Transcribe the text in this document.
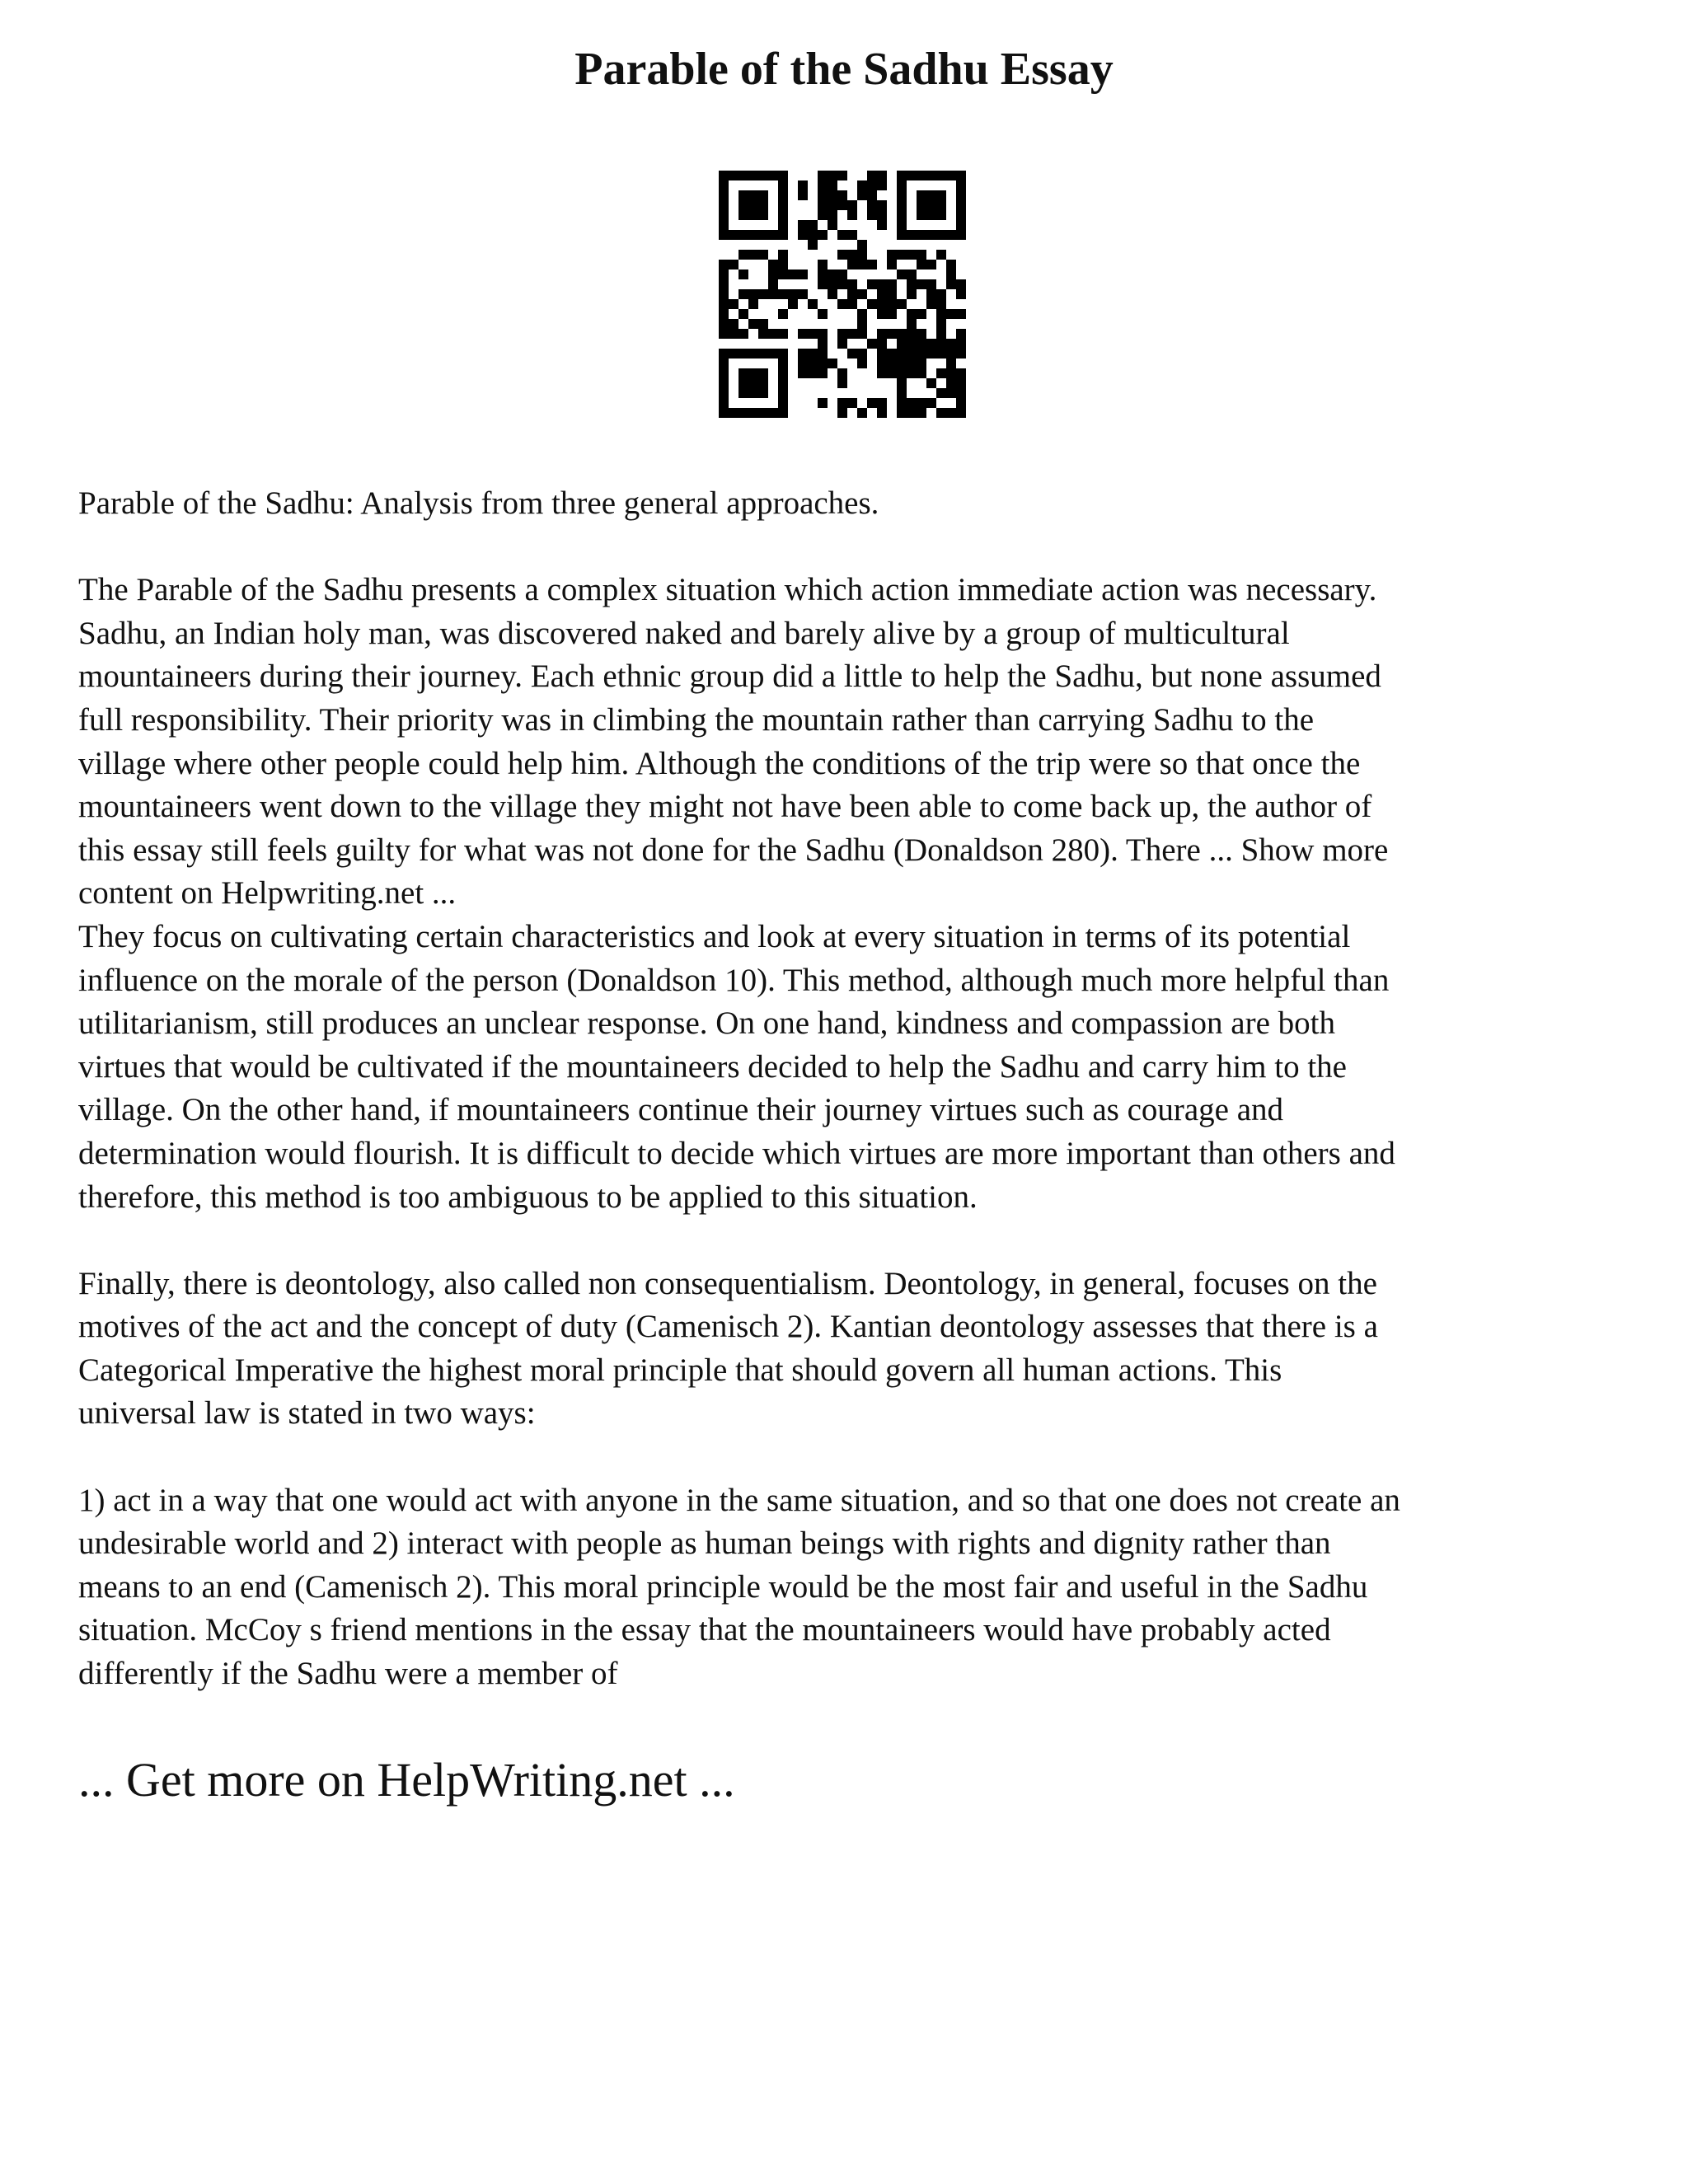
Parable of the Sadhu Essay

Parable of the Sadhu: Analysis from three general approaches.

The Parable of the Sadhu presents a complex situation which action immediate action was necessary.
Sadhu, an Indian holy man, was discovered naked and barely alive by a group of multicultural
mountaineers during their journey. Each ethnic group did a little to help the Sadhu, but none assumed
full responsibility. Their priority was in climbing the mountain rather than carrying Sadhu to the
village where other people could help him. Although the conditions of the trip were so that once the
mountaineers went down to the village they might not have been able to come back up, the author of
this essay still feels guilty for what was not done for the Sadhu (Donaldson 280). There ... Show more
content on Helpwriting.net ...

They focus on cultivating certain characteristics and look at every situation in terms of its potential
influence on the morale of the person (Donaldson 10). This method, although much more helpful than
utilitarianism, still produces an unclear response. On one hand, kindness and compassion are both
virtues that would be cultivated if the mountaineers decided to help the Sadhu and carry him to the
village. On the other hand, if mountaineers continue their journey virtues such as courage and
determination would flourish. It is difficult to decide which virtues are more important than others and
therefore, this method is too ambiguous to be applied to this situation.

Finally, there is deontology, also called non consequentialism. Deontology, in general, focuses on the
motives of the act and the concept of duty (Camenisch 2). Kantian deontology assesses that there is a
Categorical Imperative the highest moral principle that should govern all human actions. This
universal law is stated in two ways:

1) act in a way that one would act with anyone in the same situation, and so that one does not create an
undesirable world and 2) interact with people as human beings with rights and dignity rather than
means to an end (Camenisch 2). This moral principle would be the most fair and useful in the Sadhu
situation. McCoy s friend mentions in the essay that the mountaineers would have probably acted
differently if the Sadhu were a member of

... Get more on HelpWriting.net ...
